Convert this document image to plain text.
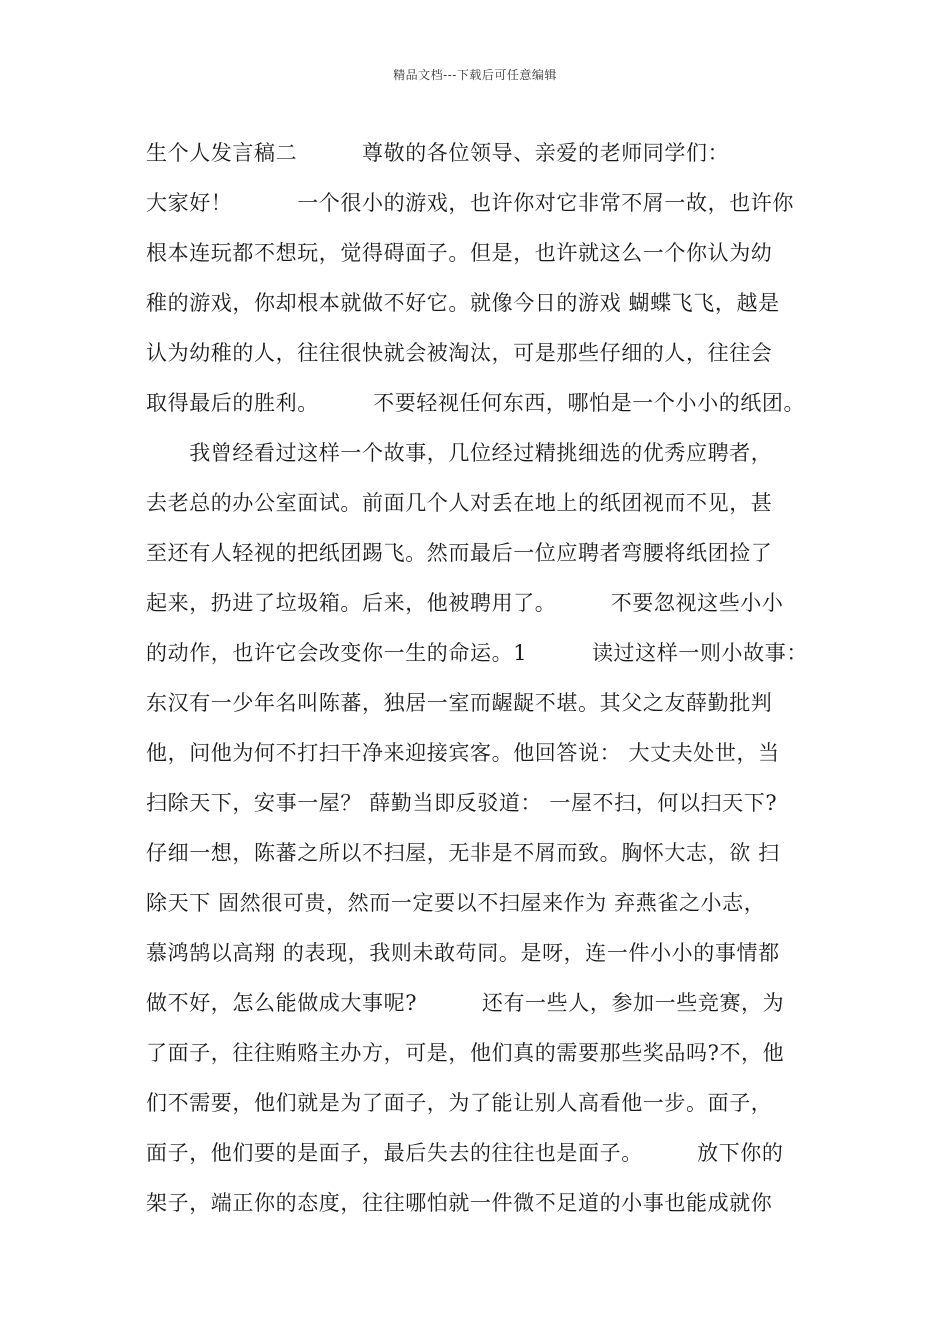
精品文档---下载后可任意编辑
生个人发言稿二　　　尊敬的各位领导、亲爱的老师同学们：
大家好！　　　一个很小的游戏，也许你对它非常不屑一故，也许你
根本连玩都不想玩，觉得碍面子。但是，也许就这么一个你认为幼
稚的游戏，你却根本就做不好它。就像今日的游戏 蝴蝶飞飞，越是
认为幼稚的人，往往很快就会被淘汰，可是那些仔细的人，往往会
取得最后的胜利。　　　不要轻视任何东西，哪怕是一个小小的纸团。
　　我曾经看过这样一个故事，几位经过精挑细选的优秀应聘者，
去老总的办公室面试。前面几个人对丢在地上的纸团视而不见，甚
至还有人轻视的把纸团踢飞。然而最后一位应聘者弯腰将纸团捡了
起来，扔进了垃圾箱。后来，他被聘用了。　　　不要忽视这些小小
的动作，也许它会改变你一生的命运。1　　　读过这样一则小故事：
东汉有一少年名叫陈蕃，独居一室而龌龊不堪。其父之友薛勤批判
他，问他为何不打扫干净来迎接宾客。他回答说： 大丈夫处世，当
扫除天下，安事一屋？ 薛勤当即反驳道： 一屋不扫，何以扫天下?
仔细一想，陈蕃之所以不扫屋，无非是不屑而致。胸怀大志，欲 扫
除天下 固然很可贵，然而一定要以不扫屋来作为 弃燕雀之小志，
慕鸿鹄以高翔 的表现，我则未敢苟同。是呀，连一件小小的事情都
做不好，怎么能做成大事呢?　　　还有一些人，参加一些竞赛，为
了面子，往往贿赂主办方，可是，他们真的需要那些奖品吗?不，他
们不需要，他们就是为了面子，为了能让别人高看他一步。面子，
面子，他们要的是面子，最后失去的往往也是面子。　　　放下你的
架子，端正你的态度，往往哪怕就一件微不足道的小事也能成就你
